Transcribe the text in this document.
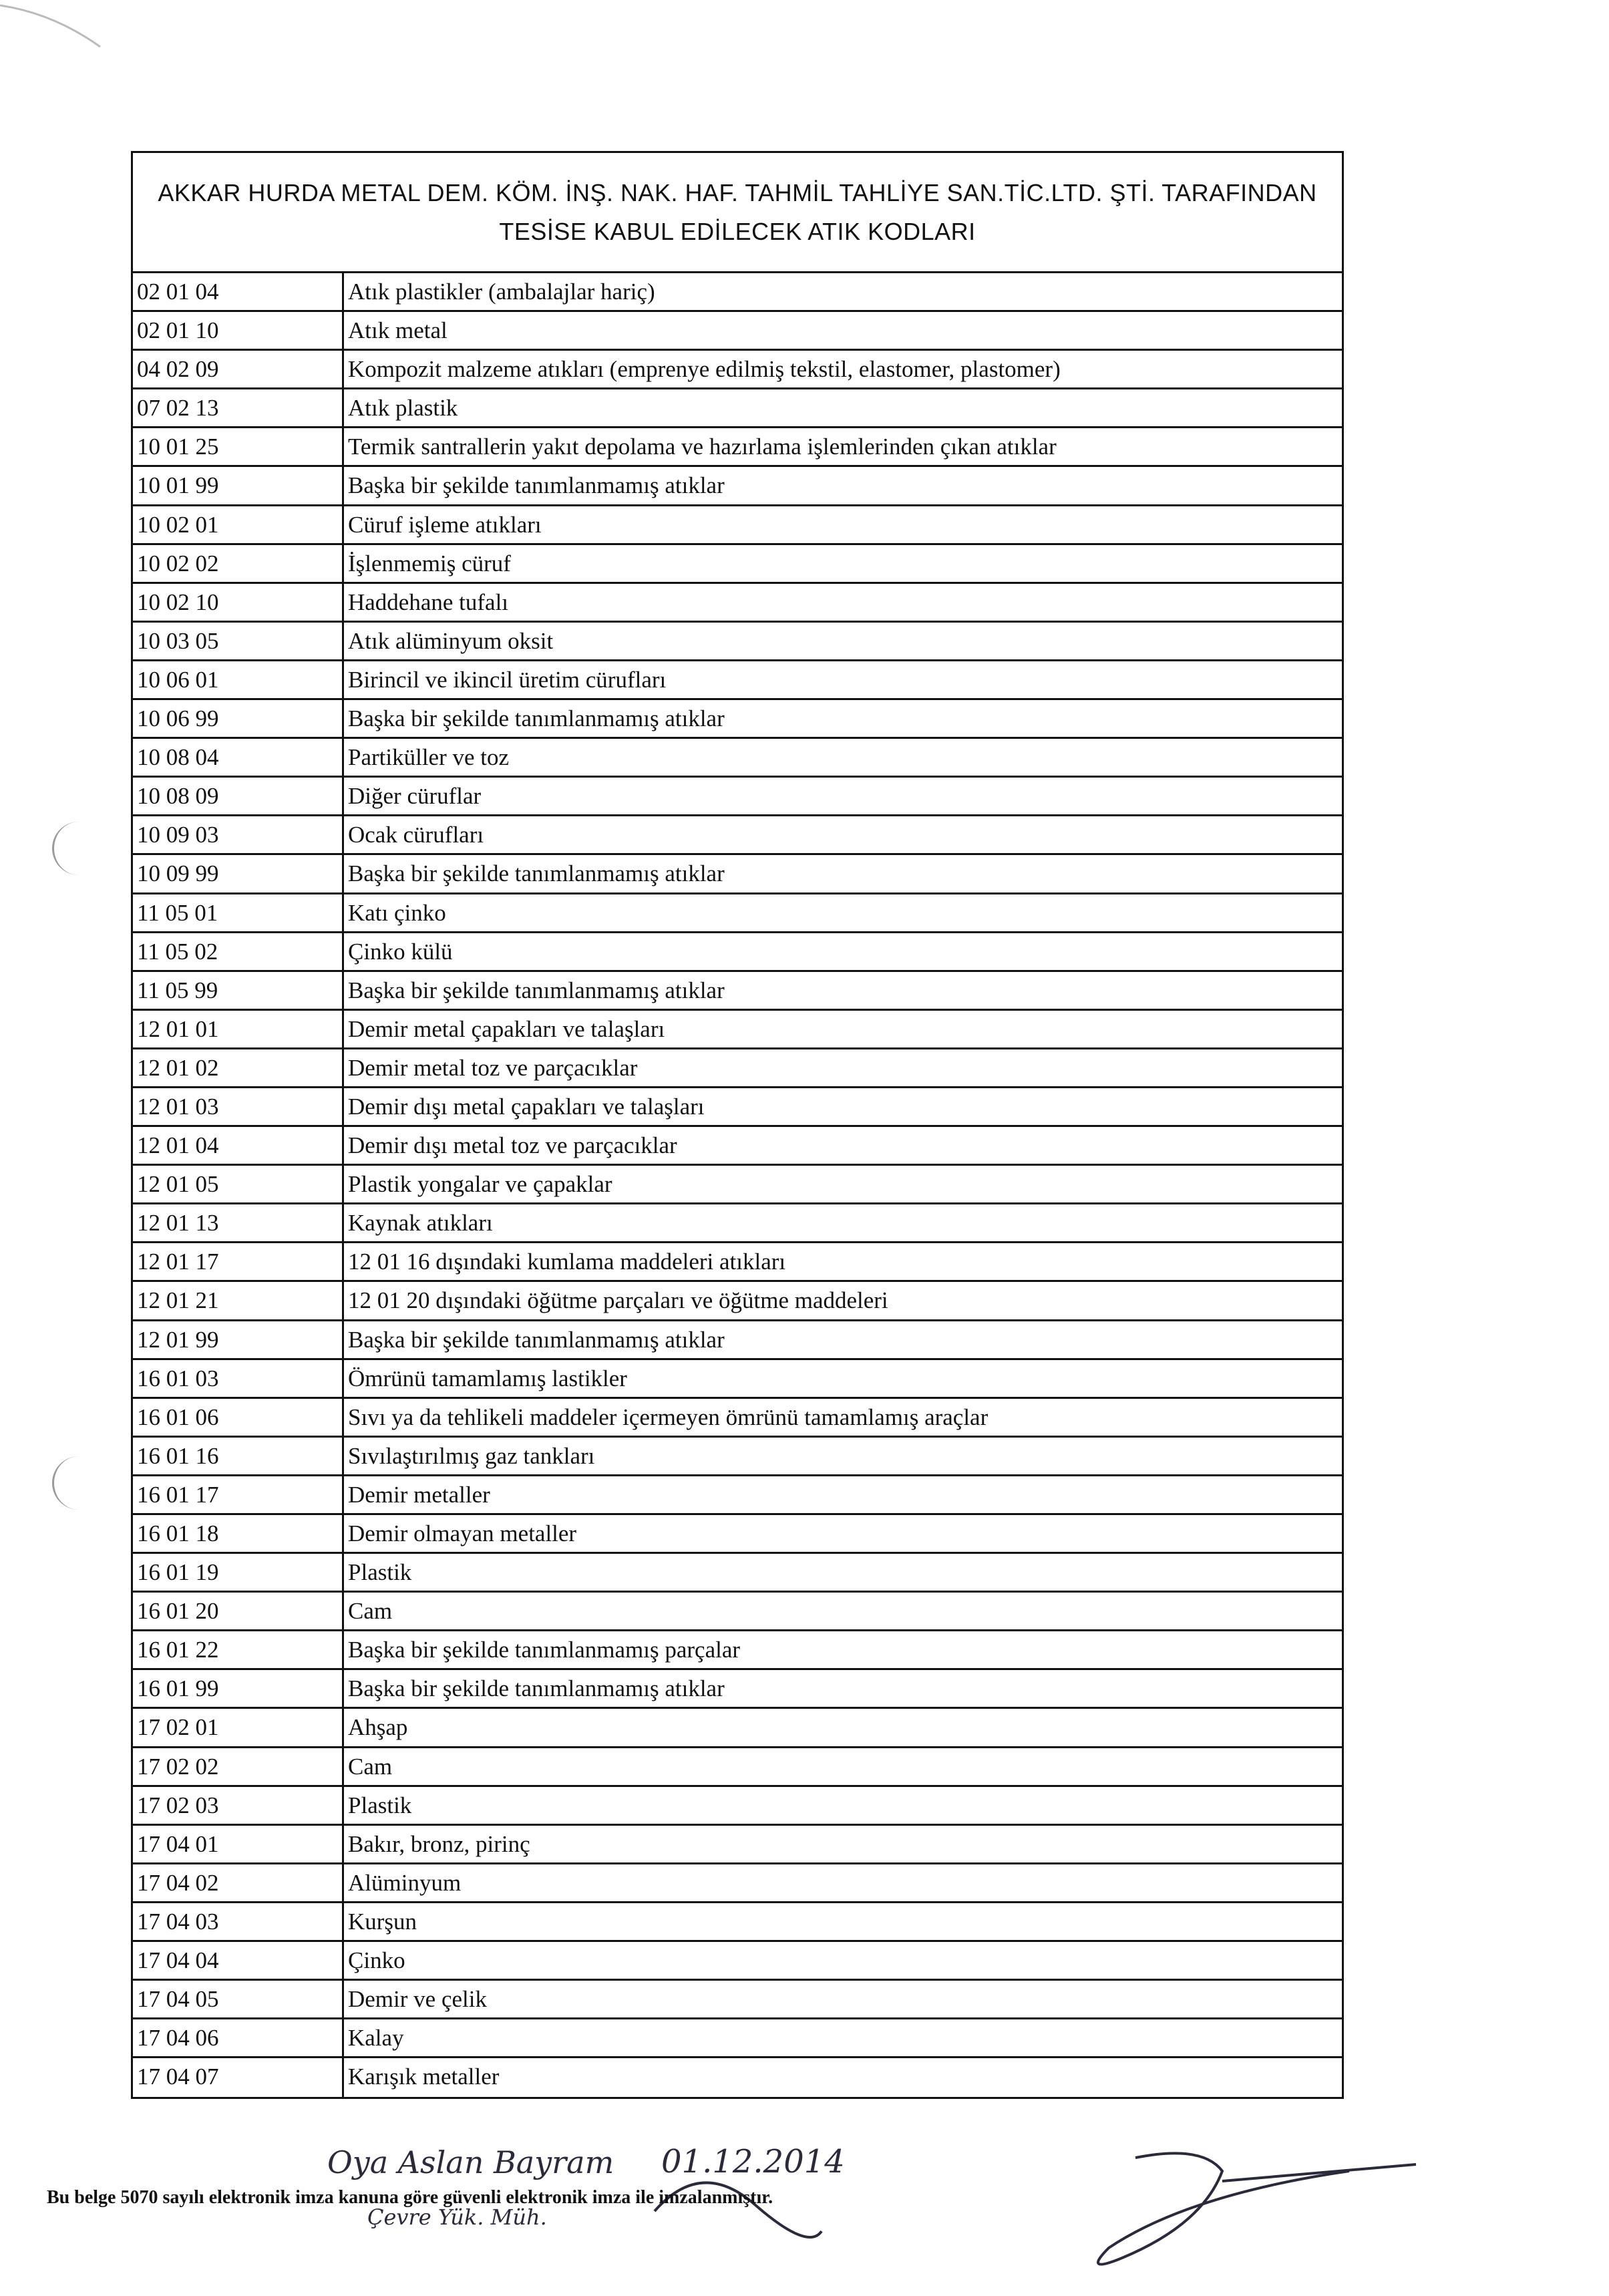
AKKAR HURDA METAL DEM. KÖM. İNŞ. NAK. HAF. TAHMİL TAHLİYE SAN.TİC.LTD. ŞTİ. TARAFINDAN
TESİSE KABUL EDİLECEK ATIK KODLARI
02 01 04	Atık plastikler (ambalajlar hariç)
02 01 10	Atık metal
04 02 09	Kompozit malzeme atıkları (emprenye edilmiş tekstil, elastomer, plastomer)
07 02 13	Atık plastik
10 01 25	Termik santrallerin yakıt depolama ve hazırlama işlemlerinden çıkan atıklar
10 01 99	Başka bir şekilde tanımlanmamış atıklar
10 02 01	Cüruf işleme atıkları
10 02 02	İşlenmemiş cüruf
10 02 10	Haddehane tufalı
10 03 05	Atık alüminyum oksit
10 06 01	Birincil ve ikincil üretim cürufları
10 06 99	Başka bir şekilde tanımlanmamış atıklar
10 08 04	Partiküller ve toz
10 08 09	Diğer cüruflar
10 09 03	Ocak cürufları
10 09 99	Başka bir şekilde tanımlanmamış atıklar
11 05 01	Katı çinko
11 05 02	Çinko külü
11 05 99	Başka bir şekilde tanımlanmamış atıklar
12 01 01	Demir metal çapakları ve talaşları
12 01 02	Demir metal toz ve parçacıklar
12 01 03	Demir dışı metal çapakları ve talaşları
12 01 04	Demir dışı metal toz ve parçacıklar
12 01 05	Plastik yongalar ve çapaklar
12 01 13	Kaynak atıkları
12 01 17	12 01 16 dışındaki kumlama maddeleri atıkları
12 01 21	12 01 20 dışındaki öğütme parçaları ve öğütme maddeleri
12 01 99	Başka bir şekilde tanımlanmamış atıklar
16 01 03	Ömrünü tamamlamış lastikler
16 01 06	Sıvı ya da tehlikeli maddeler içermeyen ömrünü tamamlamış araçlar
16 01 16	Sıvılaştırılmış gaz tankları
16 01 17	Demir metaller
16 01 18	Demir olmayan metaller
16 01 19	Plastik
16 01 20	Cam
16 01 22	Başka bir şekilde tanımlanmamış parçalar
16 01 99	Başka bir şekilde tanımlanmamış atıklar
17 02 01	Ahşap
17 02 02	Cam
17 02 03	Plastik
17 04 01	Bakır, bronz, pirinç
17 04 02	Alüminyum
17 04 03	Kurşun
17 04 04	Çinko
17 04 05	Demir ve çelik
17 04 06	Kalay
17 04 07	Karışık metaller
Oya Aslan Bayram 01.12.2014
Çevre Yük. Müh.
Bu belge 5070 sayılı elektronik imza kanuna göre güvenli elektronik imza ile imzalanmıştır.
